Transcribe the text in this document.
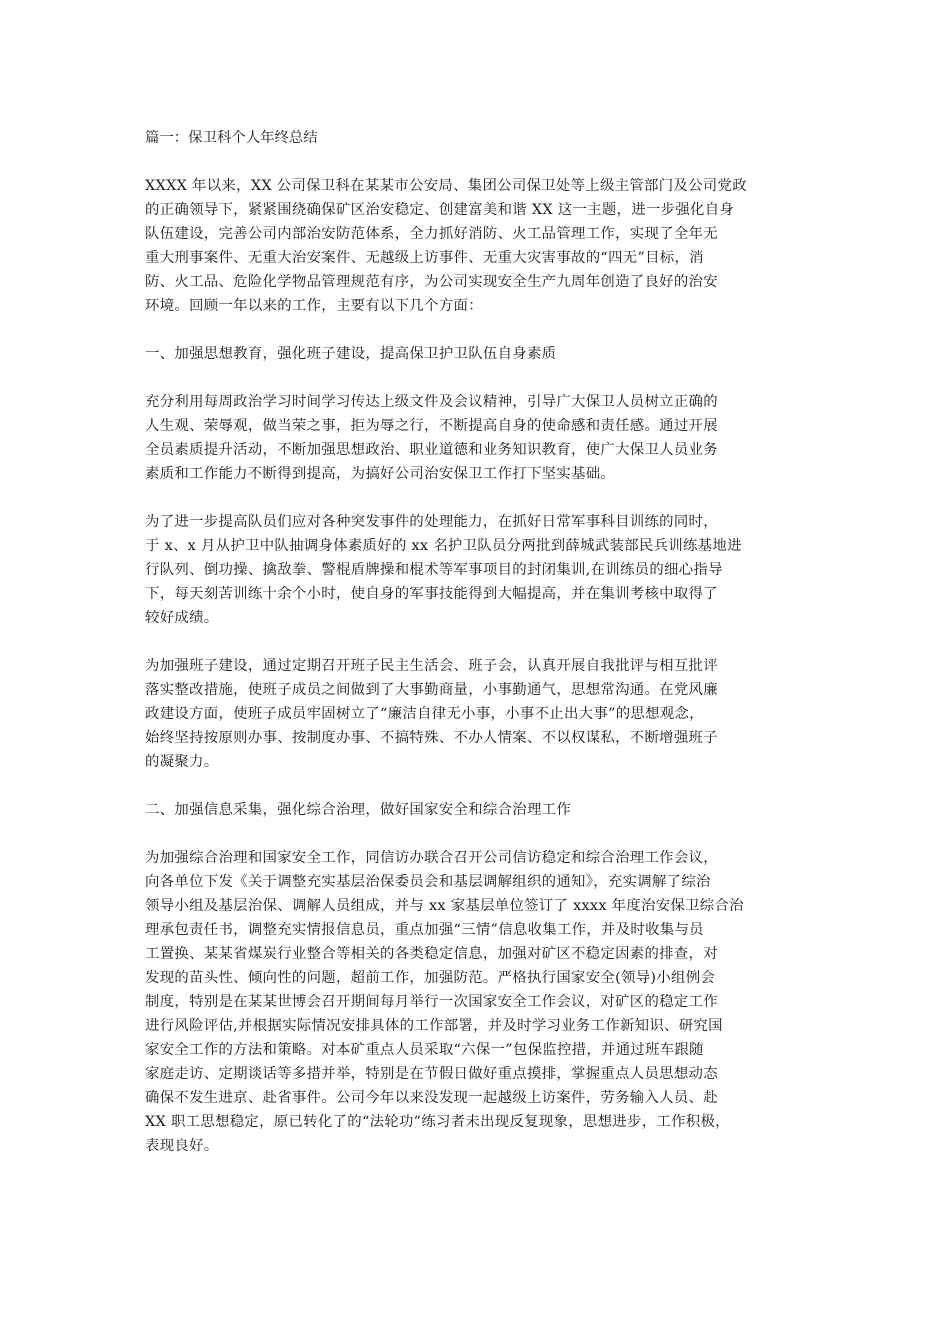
篇一：保卫科个人年终总结
XXXX 年以来，XX 公司保卫科在某某市公安局、集团公司保卫处等上级主管部门及公司党政
的正确领导下，紧紧围绕确保矿区治安稳定、创建富美和谐 XX 这一主题，进一步强化自身
队伍建设，完善公司内部治安防范体系，全力抓好消防、火工品管理工作，实现了全年无
重大刑事案件、无重大治安案件、无越级上访事件、无重大灾害事故的“四无”目标，消
防、火工品、危险化学物品管理规范有序，为公司实现安全生产九周年创造了良好的治安
环境。回顾一年以来的工作，主要有以下几个方面：
一、加强思想教育，强化班子建设，提高保卫护卫队伍自身素质
充分利用每周政治学习时间学习传达上级文件及会议精神，引导广大保卫人员树立正确的
人生观、荣辱观，做当荣之事，拒为辱之行，不断提高自身的使命感和责任感。通过开展
全员素质提升活动，不断加强思想政治、职业道德和业务知识教育，使广大保卫人员业务
素质和工作能力不断得到提高，为搞好公司治安保卫工作打下坚实基础。
为了进一步提高队员们应对各种突发事件的处理能力，在抓好日常军事科目训练的同时，
于 x、x 月从护卫中队抽调身体素质好的 xx 名护卫队员分两批到薛城武装部民兵训练基地进
行队列、倒功操、擒敌拳、警棍盾牌操和棍术等军事项目的封闭集训,在训练员的细心指导
下，每天刻苦训练十余个小时，使自身的军事技能得到大幅提高，并在集训考核中取得了
较好成绩。
为加强班子建设，通过定期召开班子民主生活会、班子会，认真开展自我批评与相互批评
落实整改措施，使班子成员之间做到了大事勤商量，小事勤通气，思想常沟通。在党风廉
政建设方面，使班子成员牢固树立了“廉洁自律无小事，小事不止出大事”的思想观念，
始终坚持按原则办事、按制度办事、不搞特殊、不办人情案、不以权谋私，不断增强班子
的凝聚力。
二、加强信息采集，强化综合治理，做好国家安全和综合治理工作
为加强综合治理和国家安全工作，同信访办联合召开公司信访稳定和综合治理工作会议，
向各单位下发《关于调整充实基层治保委员会和基层调解组织的通知》，充实调解了综治
领导小组及基层治保、调解人员组成，并与 xx 家基层单位签订了 xxxx 年度治安保卫综合治
理承包责任书，调整充实情报信息员，重点加强“三情”信息收集工作，并及时收集与员
工置换、某某省煤炭行业整合等相关的各类稳定信息，加强对矿区不稳定因素的排查，对
发现的苗头性、倾向性的问题，超前工作，加强防范。严格执行国家安全(领导)小组例会
制度，特别是在某某世博会召开期间每月举行一次国家安全工作会议，对矿区的稳定工作
进行风险评估,并根据实际情况安排具体的工作部署，并及时学习业务工作新知识、研究国
家安全工作的方法和策略。对本矿重点人员采取“六保一”包保监控措，并通过班车跟随
家庭走访、定期谈话等多措并举，特别是在节假日做好重点摸排，掌握重点人员思想动态
确保不发生进京、赴省事件。公司今年以来没发现一起越级上访案件，劳务输入人员、赴
XX 职工思想稳定，原已转化了的“法轮功”练习者未出现反复现象，思想进步，工作积极，
表现良好。
